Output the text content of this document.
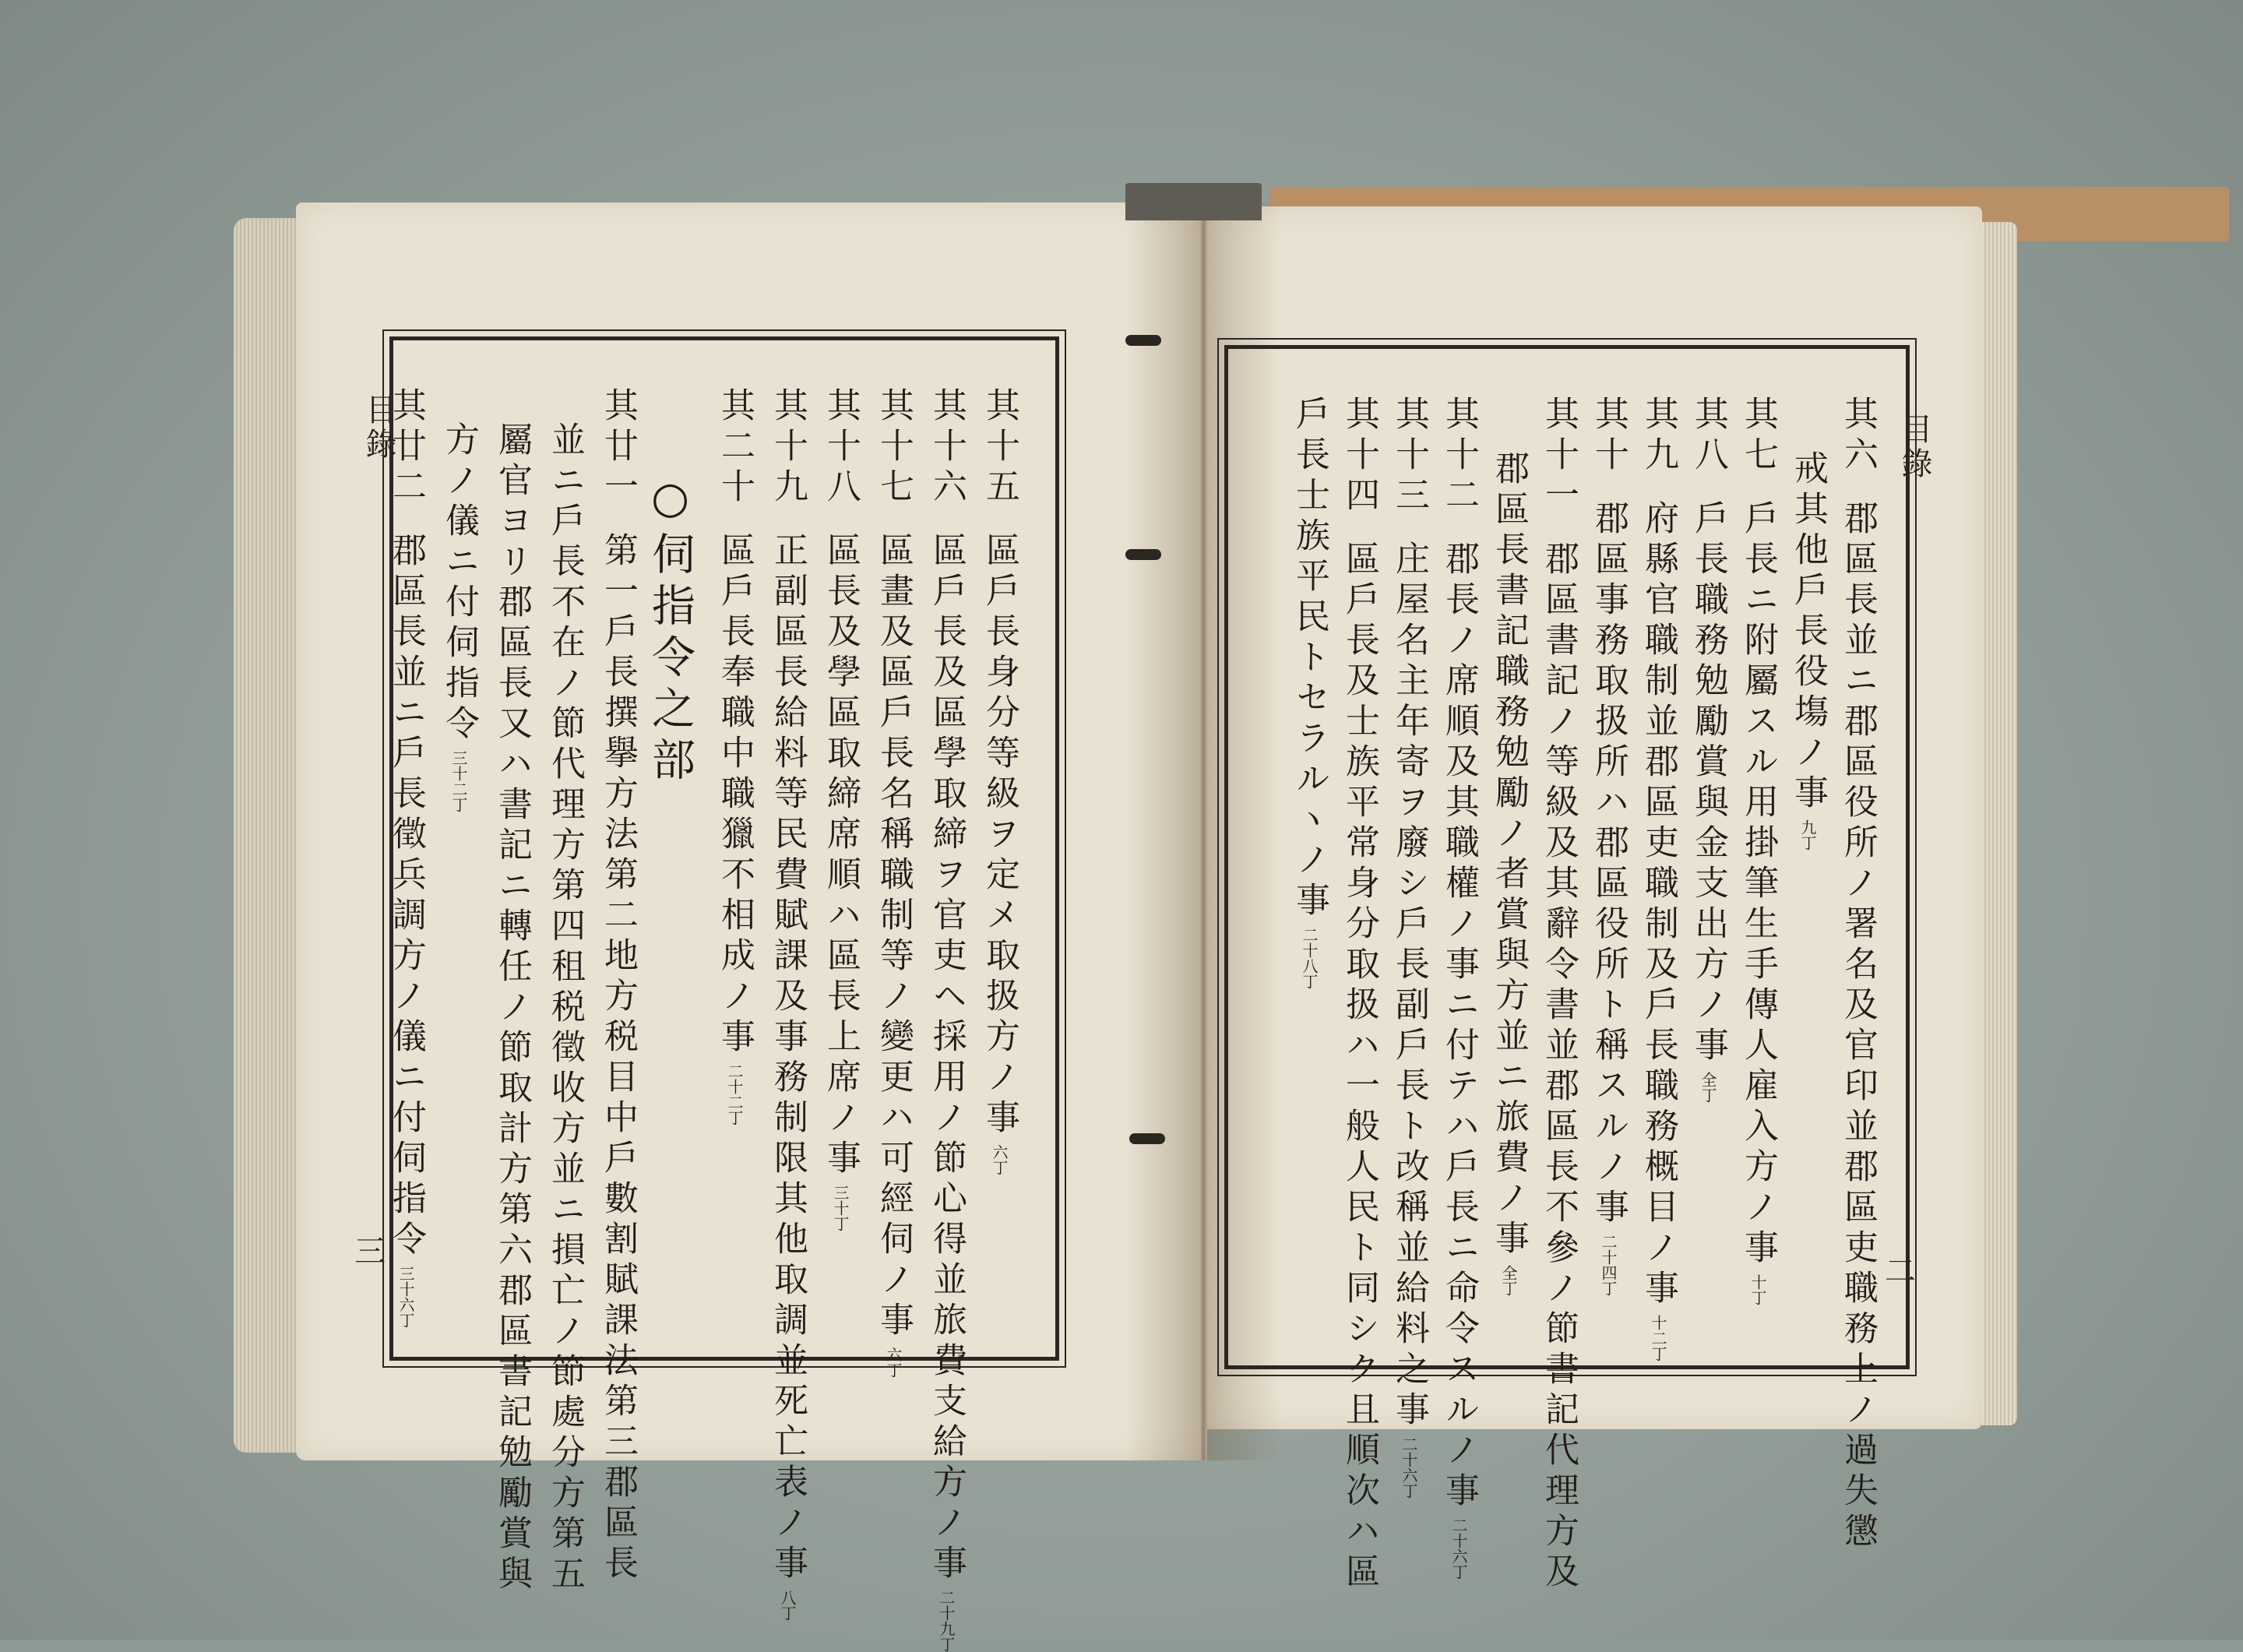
目錄
三
其十五區戶長身分等級ヲ定メ取扱方ノ事六丁
其十六區戶長及區學取締ヲ官吏ヘ採用ノ節心得並旅費支給方ノ事二十九丁
其十七區畫及區戶長名稱職制等ノ變更ハ可經伺ノ事六丁
其十八區長及學區取締席順ハ區長上席ノ事三十丁
其十九正副區長給料等民費賦課及事務制限其他取調並死亡表ノ事八丁
其二十區戶長奉職中職獵不相成ノ事二十二丁
○伺指令之部
其廿一第一戶長撰擧方法第二地方税目中戶數割賦課法第三郡區長
並ニ戶長不在ノ節代理方第四租税徵收方並ニ損亡ノ節處分方第五
屬官ヨリ郡區長又ハ書記ニ轉任ノ節取計方第六郡區書記勉勵賞與
方ノ儀ニ付伺指令三十二丁
其廿二郡區長並ニ戶長徵兵調方ノ儀ニ付伺指令三十六丁
目錄
二
其六郡區長並ニ郡區役所ノ署名及官印並郡區吏職務上ノ過失懲
戒其他戶長役塲ノ事九丁
其七戶長ニ附屬スル用掛筆生手傳人雇入方ノ事十丁
其八戶長職務勉勵賞與金支出方ノ事全丁
其九府縣官職制並郡區吏職制及戶長職務概目ノ事十二丁
其十郡區事務取扱所ハ郡區役所ト稱スルノ事二十四丁
其十一郡區書記ノ等級及其辭令書並郡區長不參ノ節書記代理方及
郡區長書記職務勉勵ノ者賞與方並ニ旅費ノ事全丁
其十二郡長ノ席順及其職權ノ事ニ付テハ戶長ニ命令スルノ事二十六丁
其十三庄屋名主年寄ヲ廢シ戶長副戶長ト改稱並給料之事二十六丁
其十四區戶長及士族平常身分取扱ハ一般人民ト同シク且順次ハ區
戶長士族平民トセラルヽノ事二十八丁
